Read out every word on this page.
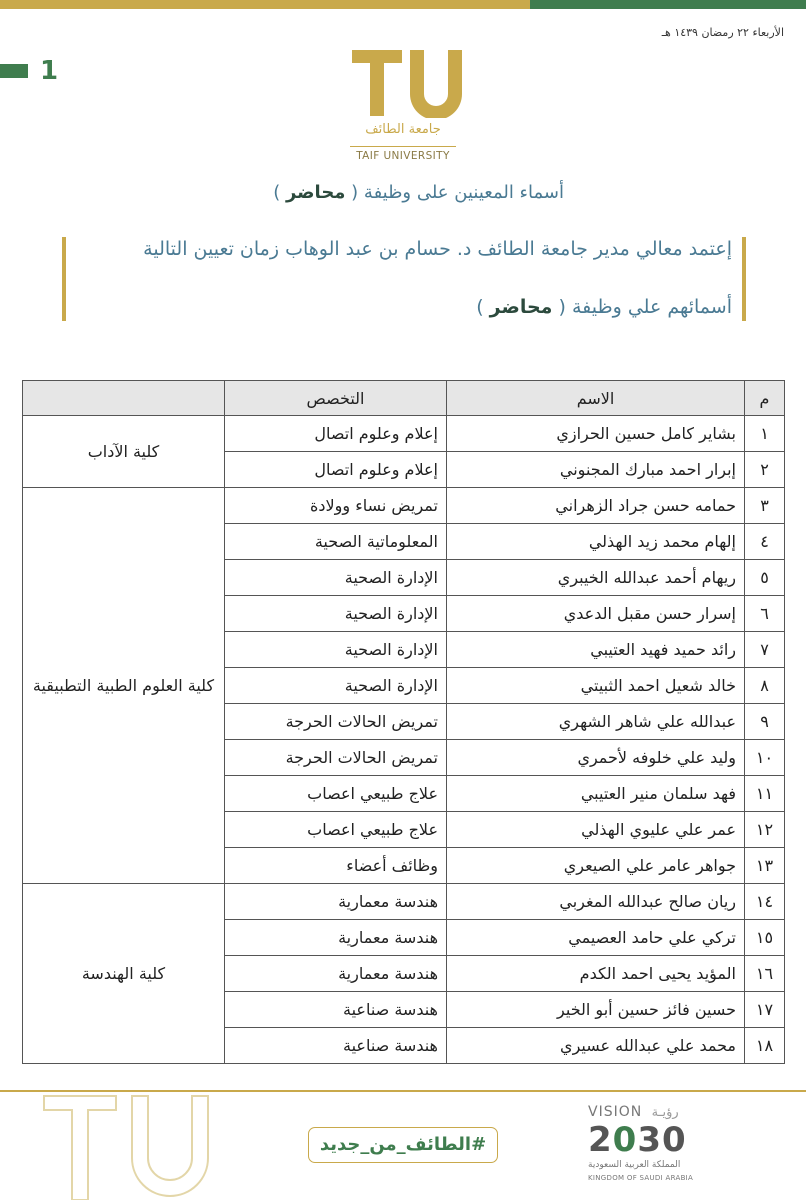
الأربعاء ٢٢ رمضان ١٤٣٩ هـ
1
جامعة الطائف
TAIF UNIVERSITY
أسماء المعينين على وظيفة ( محاضر )
إعتمد معالي مدير جامعة الطائف د. حسام بن عبد الوهاب زمان تعيين التالية
أسمائهم علي وظيفة ( محاضر )
م	الاسم	التخصص	
١	بشاير كامل حسين الحرازي	إعلام وعلوم اتصال	كلية الآداب
٢	إبرار احمد مبارك المجنوني	إعلام وعلوم اتصال	
٣	حمامه حسن جراد الزهراني	تمريض نساء وولادة	كلية العلوم الطبية التطبيقية
٤	إلهام محمد زيد الهذلي	المعلوماتية الصحية	
٥	ريهام أحمد عبدالله الخيبري	الإدارة الصحية	
٦	إسرار حسن مقبل الدعدي	الإدارة الصحية	
٧	رائد حميد فهيد العتيبي	الإدارة الصحية	
٨	خالد شعيل احمد الثبيتي	الإدارة الصحية	
٩	عبدالله علي شاهر الشهري	تمريض الحالات الحرجة	
١٠	وليد علي خلوفه لأحمري	تمريض الحالات الحرجة	
١١	فهد سلمان منير العتيبي	علاج طبيعي اعصاب	
١٢	عمر علي عليوي الهذلي	علاج طبيعي اعصاب	
١٣	جواهر عامر علي الصيعري	وظائف أعضاء	
١٤	ريان صالح عبدالله المغربي	هندسة معمارية	كلية الهندسة
١٥	تركي علي حامد العصيمي	هندسة معمارية	
١٦	المؤيد يحيى احمد الكدم	هندسة معمارية	
١٧	حسين فائز حسين أبو الخير	هندسة صناعية	
١٨	محمد علي عبدالله عسيري	هندسة صناعية	
#الطائف_من_جديد
VISION رؤيـة
2030
المملكة العربية السعودية
KINGDOM OF SAUDI ARABIA
